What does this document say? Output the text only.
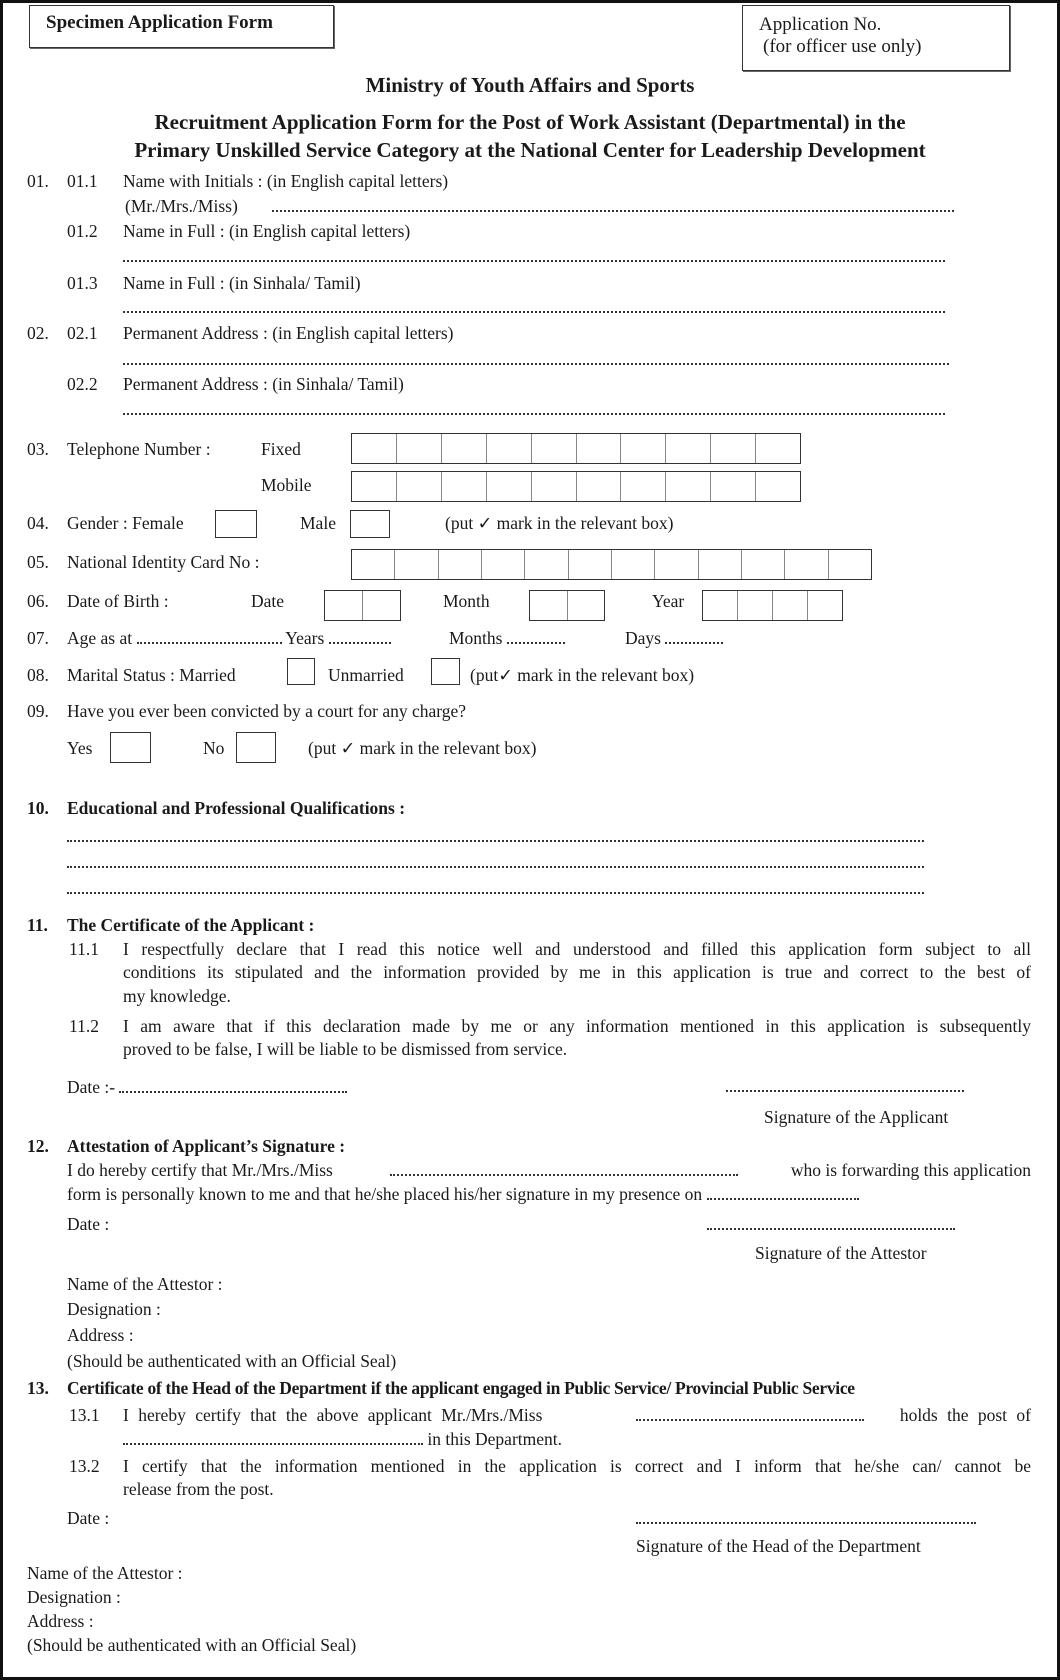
Specimen Application Form	Application No.
(for officer use only)
Ministry of Youth Affairs and Sports
Recruitment Application Form for the Post of Work Assistant (Departmental) in the
Primary Unskilled Service Category at the National Center for Leadership Development
01. 01.1 Name with Initials : (in English capital letters)
(Mr./Mrs./Miss)
01.2 Name in Full : (in English capital letters)
01.3 Name in Full : (in Sinhala/ Tamil)
02. 02.1 Permanent Address : (in English capital letters)
02.2 Permanent Address : (in Sinhala/ Tamil)
03. Telephone Number :	Fixed
Mobile
04. Gender : Female	Male	(put ✓ mark in the relevant box)
05. National Identity Card No :
06. Date of Birth :	Date	Month	Year
07. Age as at	Years	Months	Days
08. Marital Status : Married	Unmarried	(put✓ mark in the relevant box)
09. Have you ever been convicted by a court for any charge?
Yes	No	(put ✓ mark in the relevant box)
10. Educational and Professional Qualifications :
11. The Certificate of the Applicant :
11.1 I respectfully declare that I read this notice well and understood and filled this application form subject to all
conditions its stipulated and the information provided by me in this application is true and correct to the best of
my knowledge.
11.2 I am aware that if this declaration made by me or any information mentioned in this application is subsequently
proved to be false, I will be liable to be dismissed from service.
Date :-
Signature of the Applicant
12. Attestation of Applicant’s Signature :
I do hereby certify that Mr./Mrs./Miss	who is forwarding this application
form is personally known to me and that he/she placed his/her signature in my presence on
Date :
Signature of the Attestor
Name of the Attestor :
Designation :
Address :
(Should be authenticated with an Official Seal)
13. Certificate of the Head of the Department if the applicant engaged in Public Service/ Provincial Public Service
13.1 I hereby certify that the above applicant Mr./Mrs./Miss	holds the post of
in this Department.
13.2 I certify that the information mentioned in the application is correct and I inform that he/she can/ cannot be
release from the post.
Date :
Signature of the Head of the Department
Name of the Attestor :
Designation :
Address :
(Should be authenticated with an Official Seal)
